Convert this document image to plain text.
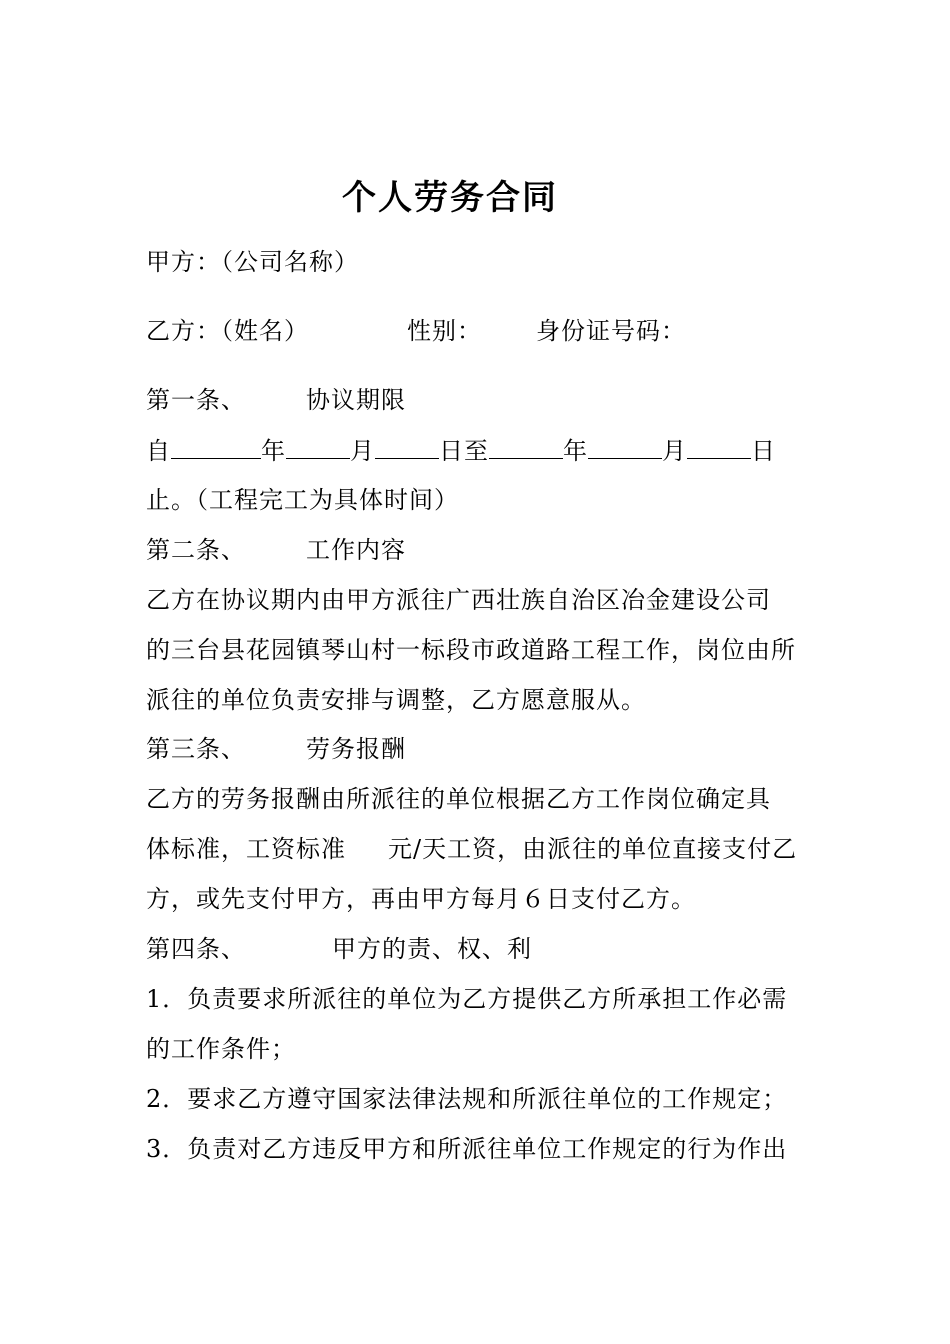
个人劳务合同
甲方：（公司名称）
乙方：（姓名）	性别： 身份证号码：
第一条、	协议期限
自	年	月	日至	年	月	日
止。（工程完工为具体时间）
第二条、	工作内容
乙方在协议期内由甲方派往广西壮族自治区冶金建设公司
的三台县花园镇琴山村一标段市政道路工程工作，岗位由所
派往的单位负责安排与调整，乙方愿意服从。
第三条、	劳务报酬
乙方的劳务报酬由所派往的单位根据乙方工作岗位确定具
体标准，工资标准 元/天工资，由派往的单位直接支付乙
方，或先支付甲方，再由甲方每月６日支付乙方。
第四条、	甲方的责、权、利
1．负责要求所派往的单位为乙方提供乙方所承担工作必需
的工作条件；
2．要求乙方遵守国家法律法规和所派往单位的工作规定；
3．负责对乙方违反甲方和所派往单位工作规定的行为作出
